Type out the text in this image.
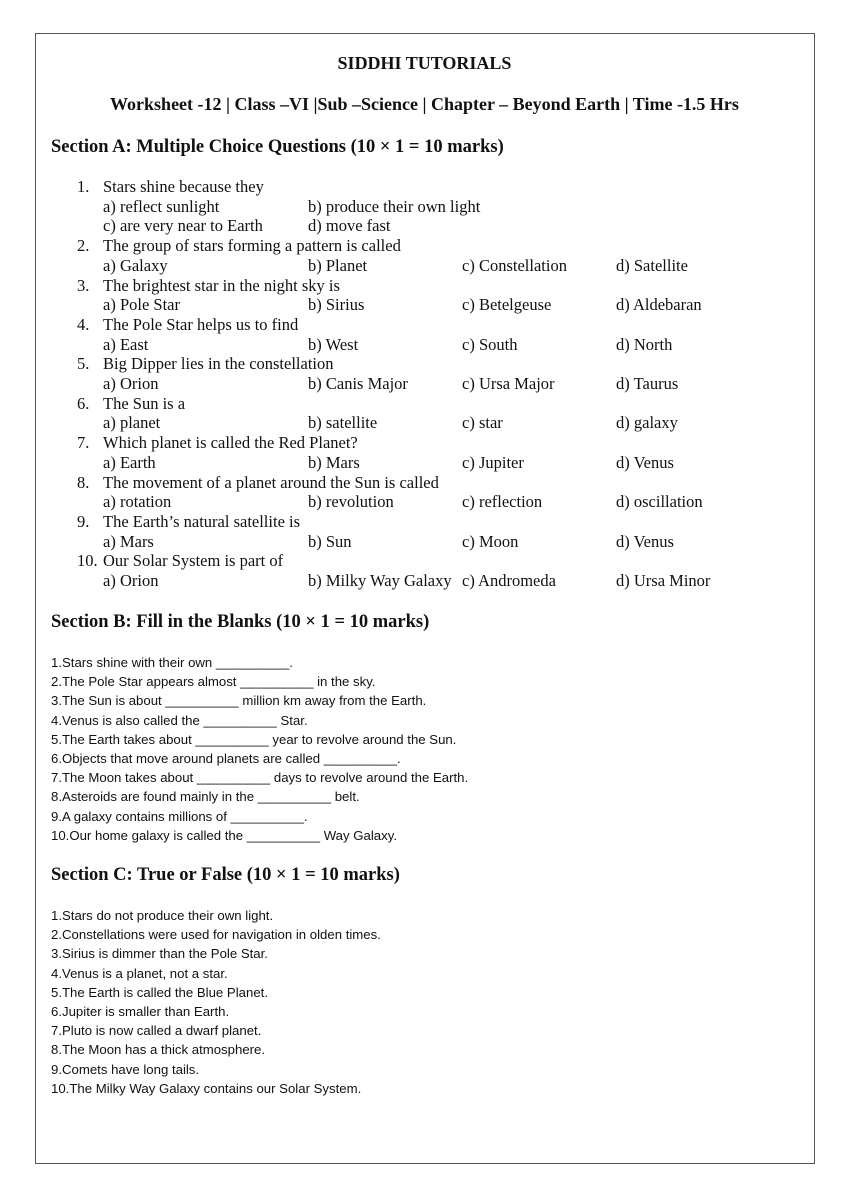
SIDDHI TUTORIALS
Worksheet -12 | Class –VI |Sub –Science | Chapter – Beyond Earth | Time -1.5 Hrs
Section A: Multiple Choice Questions (10 × 1 = 10 marks)
1. Stars shine because they
a) reflect sunlight	b) produce their own light
c) are very near to Earth	d) move fast
2. The group of stars forming a pattern is called
a) Galaxy	b) Planet	c) Constellation	d) Satellite
3. The brightest star in the night sky is
a) Pole Star	b) Sirius	c) Betelgeuse	d) Aldebaran
4. The Pole Star helps us to find
a) East	b) West	c) South	d) North
5. Big Dipper lies in the constellation
a) Orion	b) Canis Major	c) Ursa Major	d) Taurus
6. The Sun is a
a) planet	b) satellite	c) star	d) galaxy
7. Which planet is called the Red Planet?
a) Earth	b) Mars	c) Jupiter	d) Venus
8. The movement of a planet around the Sun is called
a) rotation	b) revolution	c) reflection	d) oscillation
9. The Earth’s natural satellite is
a) Mars	b) Sun	c) Moon	d) Venus
10. Our Solar System is part of
a) Orion	b) Milky Way Galaxy c) Andromeda	d) Ursa Minor
Section B: Fill in the Blanks (10 × 1 = 10 marks)
1.Stars shine with their own __________.
2.The Pole Star appears almost __________ in the sky.
3.The Sun is about __________ million km away from the Earth.
4.Venus is also called the __________ Star.
5.The Earth takes about __________ year to revolve around the Sun.
6.Objects that move around planets are called __________.
7.The Moon takes about __________ days to revolve around the Earth.
8.Asteroids are found mainly in the __________ belt.
9.A galaxy contains millions of __________.
10.Our home galaxy is called the __________ Way Galaxy.
Section C: True or False (10 × 1 = 10 marks)
1.Stars do not produce their own light.
2.Constellations were used for navigation in olden times.
3.Sirius is dimmer than the Pole Star.
4.Venus is a planet, not a star.
5.The Earth is called the Blue Planet.
6.Jupiter is smaller than Earth.
7.Pluto is now called a dwarf planet.
8.The Moon has a thick atmosphere.
9.Comets have long tails.
10.The Milky Way Galaxy contains our Solar System.
